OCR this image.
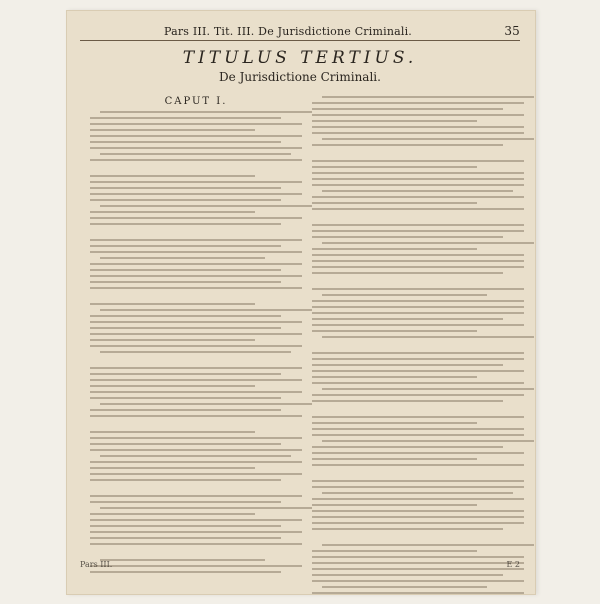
Pars III. Tit. III. De Jurisdictione Criminali.	35
TITULUS TERTIUS.
De Jurisdictione Criminali.
CAPUT I.
Pars III.	E 2
